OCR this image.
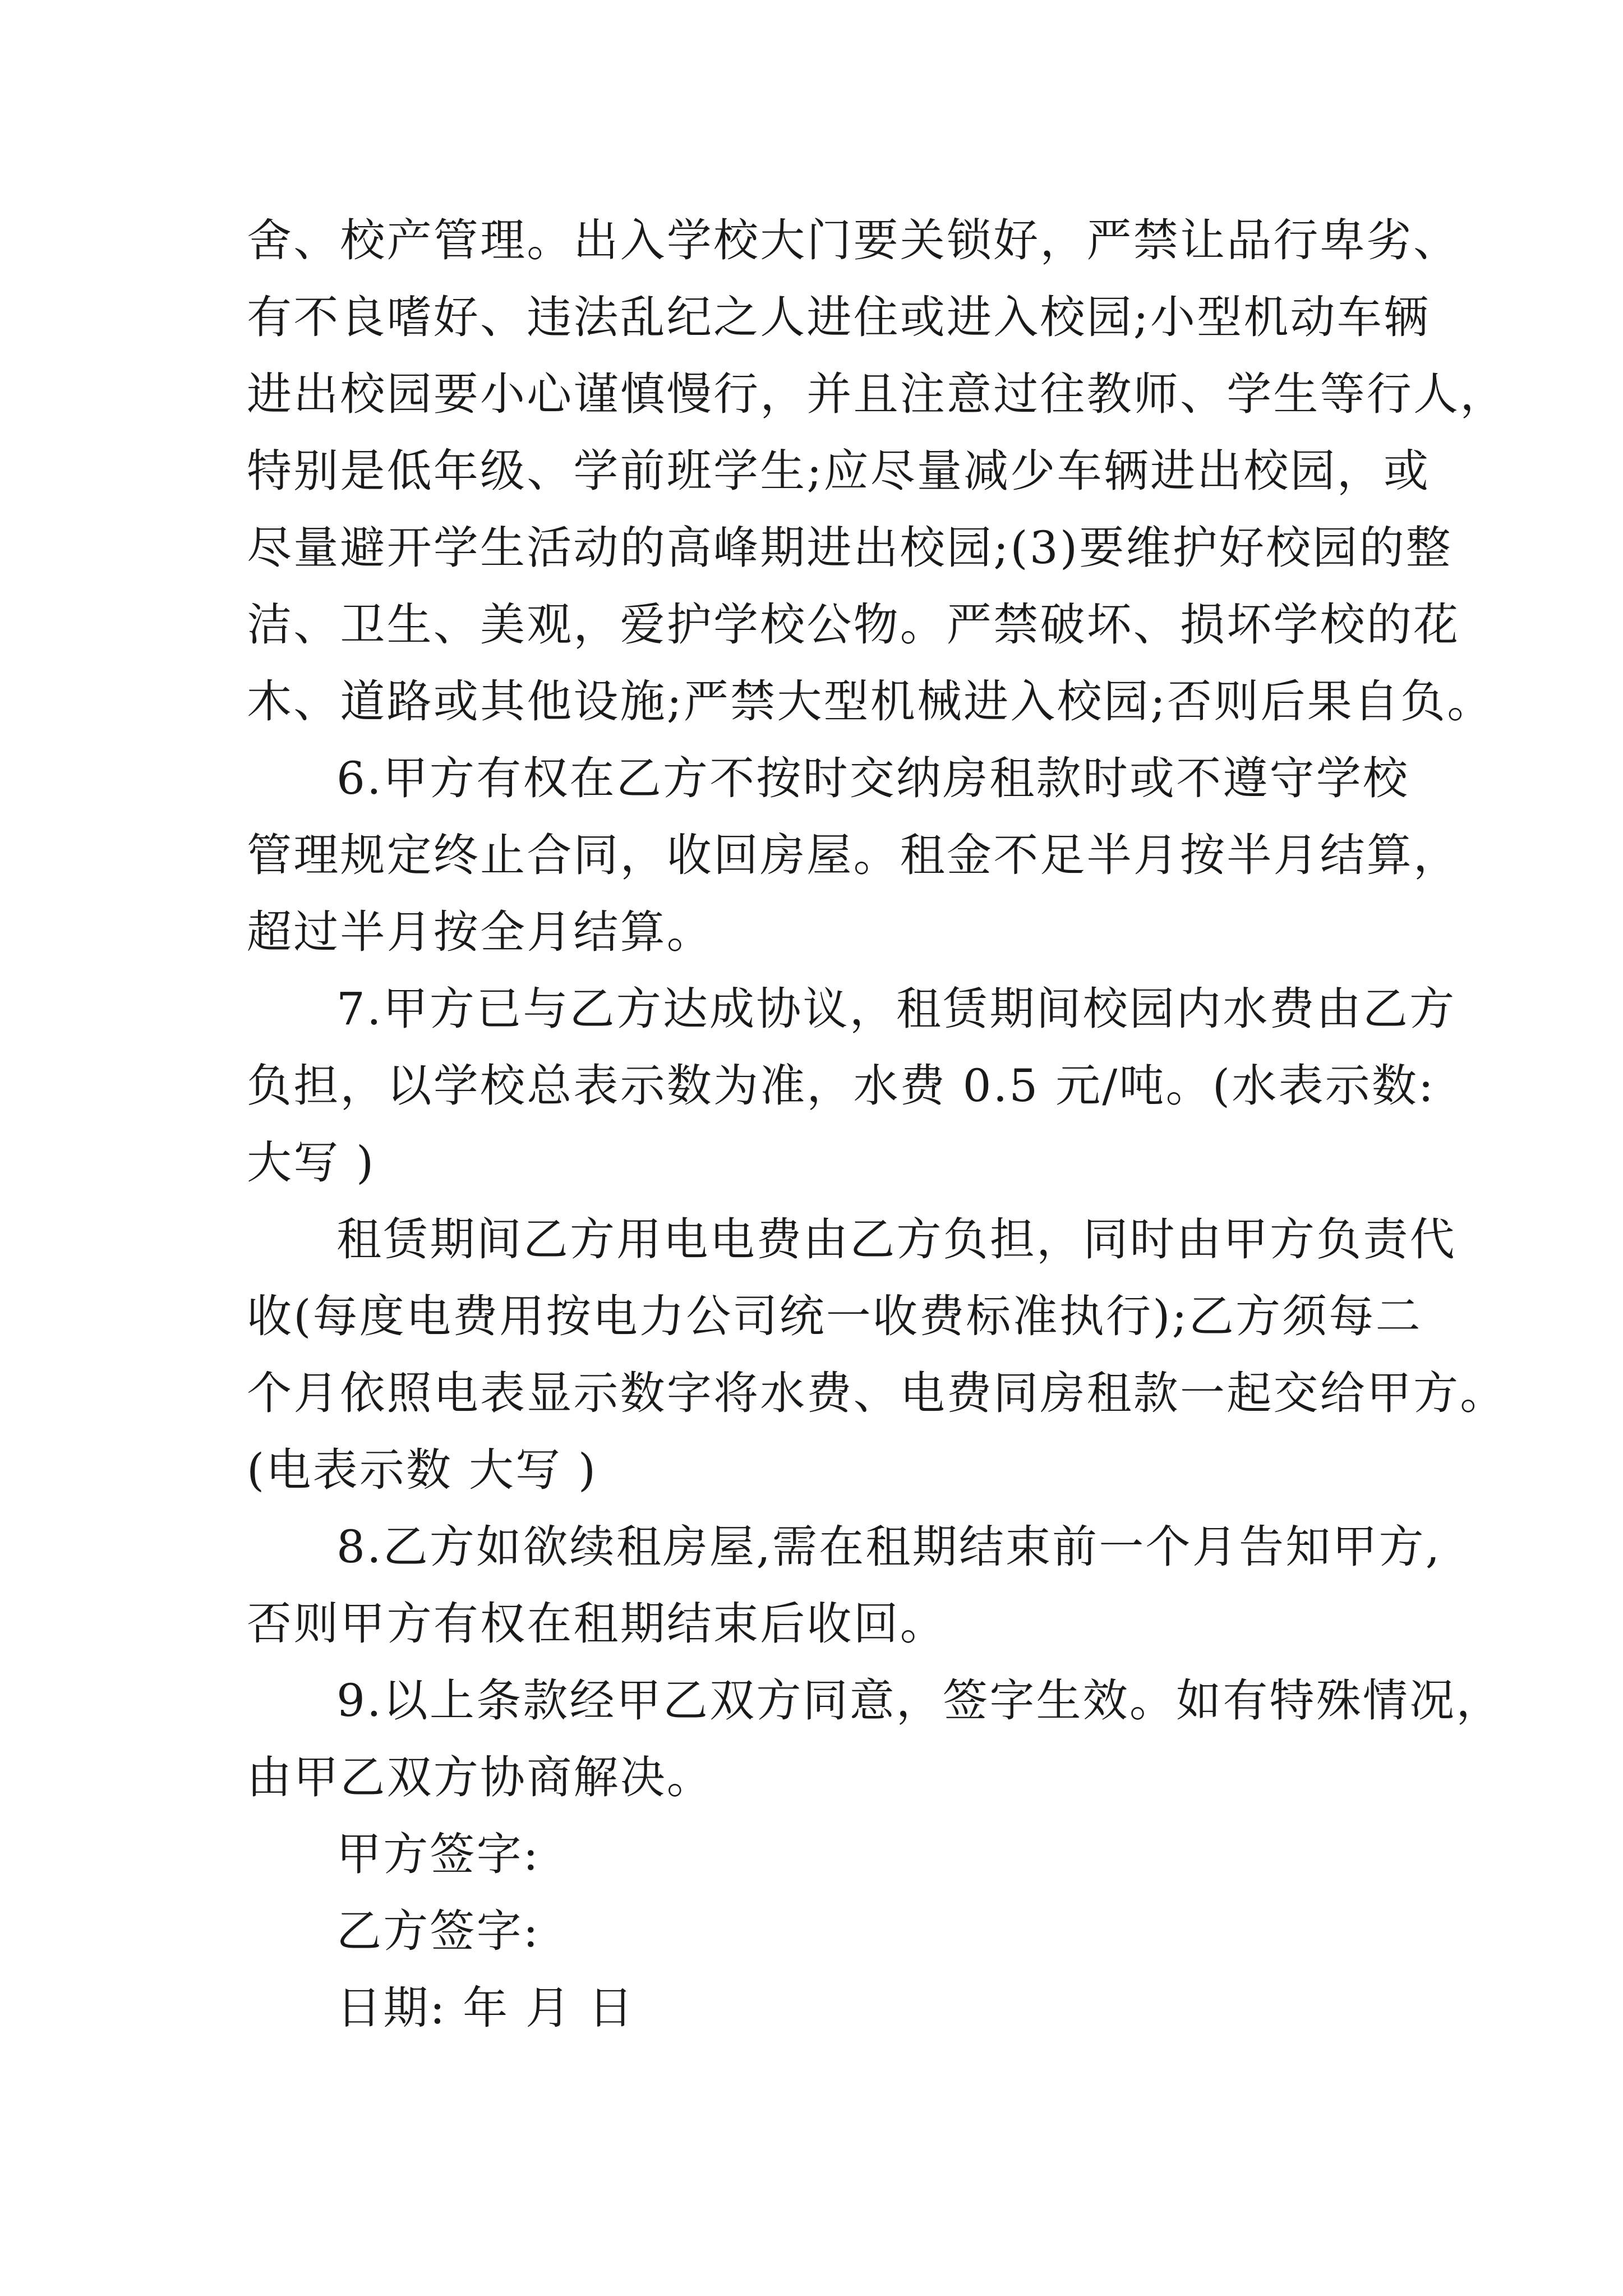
舍、校产管理。出入学校大门要关锁好，严禁让品行卑劣、
有不良嗜好、违法乱纪之人进住或进入校园;小型机动车辆
进出校园要小心谨慎慢行，并且注意过往教师、学生等行人，
特别是低年级、学前班学生;应尽量减少车辆进出校园，或
尽量避开学生活动的高峰期进出校园;(3)要维护好校园的整
洁、卫生、美观，爱护学校公物。严禁破坏、损坏学校的花
木、道路或其他设施;严禁大型机械进入校园;否则后果自负。
6.甲方有权在乙方不按时交纳房租款时或不遵守学校
管理规定终止合同，收回房屋。租金不足半月按半月结算，
超过半月按全月结算。
7.甲方已与乙方达成协议，租赁期间校园内水费由乙方
负担，以学校总表示数为准，水费 0.5 元/吨。(水表示数:
大写 )
租赁期间乙方用电电费由乙方负担，同时由甲方负责代
收(每度电费用按电力公司统一收费标准执行);乙方须每二
个月依照电表显示数字将水费、电费同房租款一起交给甲方。
(电表示数 大写 )
8.乙方如欲续租房屋,需在租期结束前一个月告知甲方,
否则甲方有权在租期结束后收回。
9.以上条款经甲乙双方同意，签字生效。如有特殊情况，
由甲乙双方协商解决。
甲方签字:
乙方签字:
日期: 年 月 日
